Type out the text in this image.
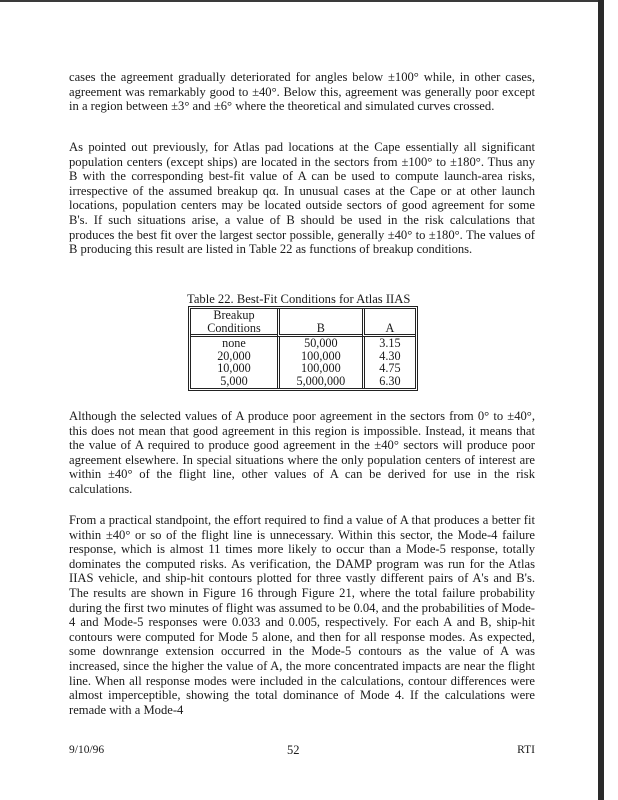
cases the agreement gradually deteriorated for angles below ±100° while, in other cases, agreement was remarkably good to ±40°. Below this, agreement was generally poor except in a region between ±3° and ±6° where the theoretical and simulated curves crossed.

As pointed out previously, for Atlas pad locations at the Cape essentially all significant population centers (except ships) are located in the sectors from ±100° to ±180°. Thus any B with the corresponding best-fit value of A can be used to compute launch-area risks, irrespective of the assumed breakup qα. In unusual cases at the Cape or at other launch locations, population centers may be located outside sectors of good agreement for some B's. If such situations arise, a value of B should be used in the risk calculations that produces the best fit over the largest sector possible, generally ±40° to ±180°. The values of B producing this result are listed in Table 22 as functions of breakup conditions.

Table 22. Best-Fit Conditions for Atlas IIAS
Breakup Conditions	B	A
none	50,000	3.15
20,000	100,000	4.30
10,000	100,000	4.75
5,000	5,000,000	6.30

Although the selected values of A produce poor agreement in the sectors from 0° to ±40°, this does not mean that good agreement in this region is impossible. Instead, it means that the value of A required to produce good agreement in the ±40° sectors will produce poor agreement elsewhere. In special situations where the only population centers of interest are within ±40° of the flight line, other values of A can be derived for use in the risk calculations.

From a practical standpoint, the effort required to find a value of A that produces a better fit within ±40° or so of the flight line is unnecessary. Within this sector, the Mode-4 failure response, which is almost 11 times more likely to occur than a Mode-5 response, totally dominates the computed risks. As verification, the DAMP program was run for the Atlas IIAS vehicle, and ship-hit contours plotted for three vastly different pairs of A's and B's. The results are shown in Figure 16 through Figure 21, where the total failure probability during the first two minutes of flight was assumed to be 0.04, and the probabilities of Mode-4 and Mode-5 responses were 0.033 and 0.005, respectively. For each A and B, ship-hit contours were computed for Mode 5 alone, and then for all response modes. As expected, some downrange extension occurred in the Mode-5 contours as the value of A was increased, since the higher the value of A, the more concentrated impacts are near the flight line. When all response modes were included in the calculations, contour differences were almost imperceptible, showing the total dominance of Mode 4. If the calculations were remade with a Mode-4

9/10/96	52	RTI
